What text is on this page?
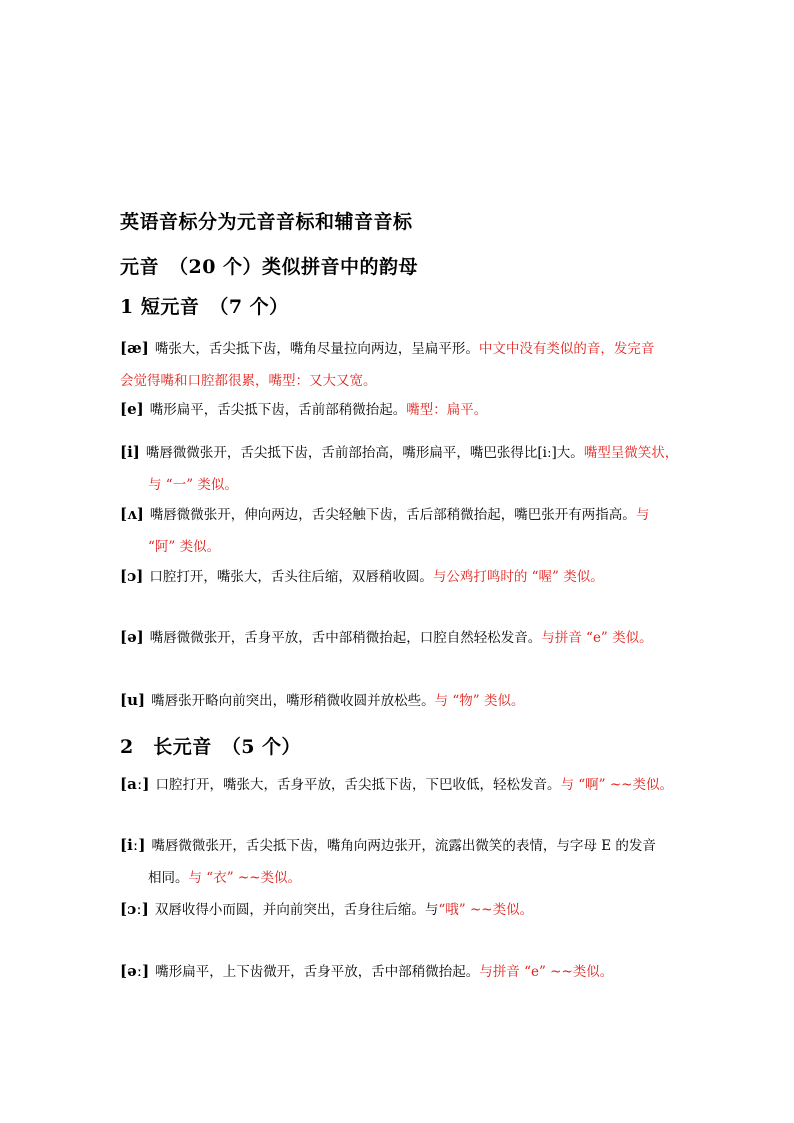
英语音标分为元音音标和辅音音标
元音　（20 个）类似拼音中的韵母
1 短元音　（7 个）
[æ] 嘴张大，舌尖抵下齿，嘴角尽量拉向两边，呈扁平形。中文中没有类似的音，发完音
会觉得嘴和口腔都很累，嘴型：又大又宽。
[e] 嘴形扁平，舌尖抵下齿，舌前部稍微抬起。嘴型：扁平。
[i] 嘴唇微微张开，舌尖抵下齿，舌前部抬高，嘴形扁平，嘴巴张得比[iː]大。嘴型呈微笑状，
与 “一” 类似。
[ʌ] 嘴唇微微张开，伸向两边，舌尖轻触下齿，舌后部稍微抬起，嘴巴张开有两指高。与
“阿” 类似。
[ɔ] 口腔打开，嘴张大，舌头往后缩，双唇稍收圆。与公鸡打鸣时的 “喔” 类似。
[ə] 嘴唇微微张开，舌身平放，舌中部稍微抬起，口腔自然轻松发音。与拼音 “e” 类似。
[u] 嘴唇张开略向前突出，嘴形稍微收圆并放松些。与 “物” 类似。
2　长元音　（5 个）
[aː] 口腔打开，嘴张大，舌身平放，舌尖抵下齿，下巴收低，轻松发音。与 “啊” ~~类似。
[iː] 嘴唇微微张开，舌尖抵下齿，嘴角向两边张开，流露出微笑的表情，与字母 E 的发音
相同。与 “衣” ~~类似。
[ɔː] 双唇收得小而圆，并向前突出，舌身往后缩。与“哦” ~~类似。
[əː] 嘴形扁平，上下齿微开，舌身平放，舌中部稍微抬起。与拼音 “e” ~~类似。
